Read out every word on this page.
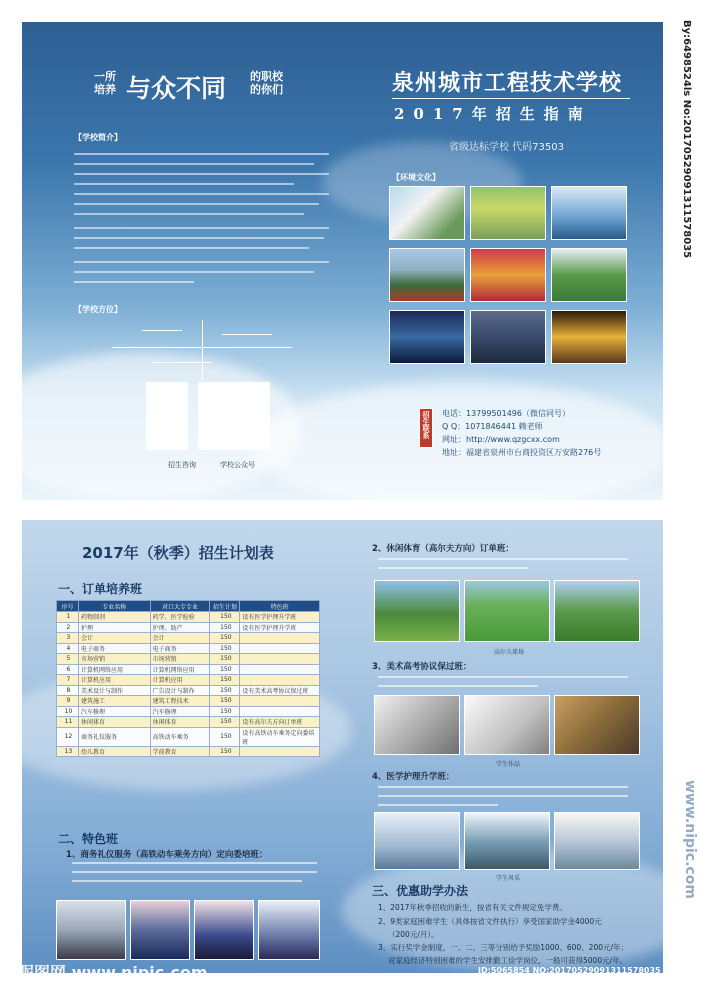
一所
培养 与众不同 的职校
的你们	泉州城市工程技术学校
2017年招生指南
省级达标学校 代码73503
【学校简介】
【学校方位】
招生咨询	学校公众号
【环境文化】
招生联系 电话：13799501496（微信同号）
Q Q：1071846441 赖老师
网址：http://www.qzgcxx.com
地址：福建省泉州市台商投资区万安路276号
2017年（秋季）招生计划表
一、订单培养班
序号	专业名称	对口大专专业	招生计划	特色班
1	药物制剂	药学、医学检验	150	设有医学护理升学班
2	护理	护理、助产	150	设有医学护理升学班
3	会计	会计	150	
4	电子商务	电子商务	150	
5	市场营销	市场营销	150	
6	计算机网络应用	计算机网络应用	150	
7	计算机应用	计算机应用	150	
8	美术设计与制作	广告设计与制作	150	设有美术高考协议保过班
9	建筑施工	建筑工程技术	150	
10	汽车修理	汽车修理	150	
11	休闲体育	休闲体育	150	设有高尔夫方向订单班
12	商务礼仪服务	高铁动车乘务	150	设有高铁动车乘务定向委培班
13	幼儿教育	学前教育	150	
二、特色班
1、商务礼仪服务（高铁动车乘务方向）定向委培班：
2、休闲体育（高尔夫方向）订单班：
高尔夫球场
3、美术高考协议保过班：
学生作品
4、医学护理升学班：
学生风采
三、优惠助学办法
1、2017年秋季招收的新生，按省有关文件规定免学费。
2、9类家庭困难学生（具体按省文件执行）享受国家助学金4000元
（200元/月）。
3、实行奖学金制度，一、二、三等分别给予奖励1000、600、200元/年；
对家庭经济特别困难的学生安排勤工俭学岗位，一般可获得5000元/年。
By:6498524ls No:20170529091311578035
www.nipic.com
昵图网 www.nipic.com	ID:5065854 NO:20170529091311578035
